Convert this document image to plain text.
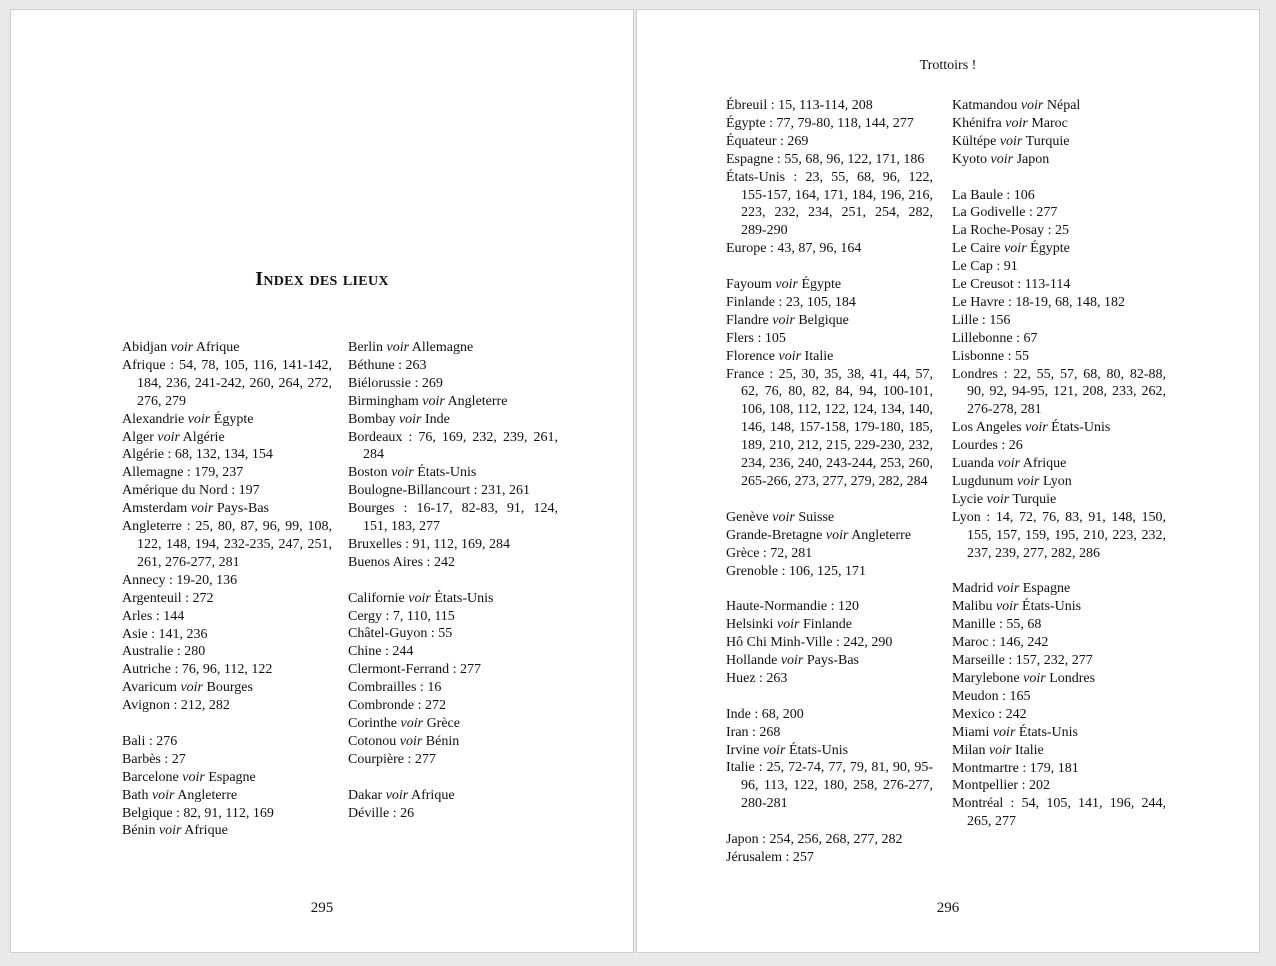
Index des lieux
Abidjan voir Afrique
Afrique : 54, 78, 105, 116, 141-142, 184, 236, 241-242, 260, 264, 272, 276, 279
Alexandrie voir Égypte
Alger voir Algérie
Algérie : 68, 132, 134, 154
Allemagne : 179, 237
Amérique du Nord : 197
Amsterdam voir Pays-Bas
Angleterre : 25, 80, 87, 96, 99, 108, 122, 148, 194, 232-235, 247, 251, 261, 276-277, 281
Annecy : 19-20, 136
Argenteuil : 272
Arles : 144
Asie : 141, 236
Australie : 280
Autriche : 76, 96, 112, 122
Avaricum voir Bourges
Avignon : 212, 282
Bali : 276
Barbès : 27
Barcelone voir Espagne
Bath voir Angleterre
Belgique : 82, 91, 112, 169
Bénin voir Afrique
Berlin voir Allemagne
Béthune : 263
Biélorussie : 269
Birmingham voir Angleterre
Bombay voir Inde
Bordeaux : 76, 169, 232, 239, 261, 284
Boston voir États-Unis
Boulogne-Billancourt : 231, 261
Bourges : 16-17, 82-83, 91, 124, 151, 183, 277
Bruxelles : 91, 112, 169, 284
Buenos Aires : 242
Californie voir États-Unis
Cergy : 7, 110, 115
Châtel-Guyon : 55
Chine : 244
Clermont-Ferrand : 277
Combrailles : 16
Combronde : 272
Corinthe voir Grèce
Cotonou voir Bénin
Courpière : 277
Dakar voir Afrique
Déville : 26
295
Trottoirs !
Ébreuil : 15, 113-114, 208
Égypte : 77, 79-80, 118, 144, 277
Équateur : 269
Espagne : 55, 68, 96, 122, 171, 186
États-Unis : 23, 55, 68, 96, 122, 155-157, 164, 171, 184, 196, 216, 223, 232, 234, 251, 254, 282, 289-290
Europe : 43, 87, 96, 164
Fayoum voir Égypte
Finlande : 23, 105, 184
Flandre voir Belgique
Flers : 105
Florence voir Italie
France : 25, 30, 35, 38, 41, 44, 57, 62, 76, 80, 82, 84, 94, 100-101, 106, 108, 112, 122, 124, 134, 140, 146, 148, 157-158, 179-180, 185, 189, 210, 212, 215, 229-230, 232, 234, 236, 240, 243-244, 253, 260, 265-266, 273, 277, 279, 282, 284
Genève voir Suisse
Grande-Bretagne voir Angleterre
Grèce : 72, 281
Grenoble : 106, 125, 171
Haute-Normandie : 120
Helsinki voir Finlande
Hô Chi Minh-Ville : 242, 290
Hollande voir Pays-Bas
Huez : 263
Inde : 68, 200
Iran : 268
Irvine voir États-Unis
Italie : 25, 72-74, 77, 79, 81, 90, 95-96, 113, 122, 180, 258, 276-277, 280-281
Japon : 254, 256, 268, 277, 282
Jérusalem : 257
Katmandou voir Népal
Khénifra voir Maroc
Kültépe voir Turquie
Kyoto voir Japon
La Baule : 106
La Godivelle : 277
La Roche-Posay : 25
Le Caire voir Égypte
Le Cap : 91
Le Creusot : 113-114
Le Havre : 18-19, 68, 148, 182
Lille : 156
Lillebonne : 67
Lisbonne : 55
Londres : 22, 55, 57, 68, 80, 82-88, 90, 92, 94-95, 121, 208, 233, 262, 276-278, 281
Los Angeles voir États-Unis
Lourdes : 26
Luanda voir Afrique
Lugdunum voir Lyon
Lycie voir Turquie
Lyon : 14, 72, 76, 83, 91, 148, 150, 155, 157, 159, 195, 210, 223, 232, 237, 239, 277, 282, 286
Madrid voir Espagne
Malibu voir États-Unis
Manille : 55, 68
Maroc : 146, 242
Marseille : 157, 232, 277
Marylebone voir Londres
Meudon : 165
Mexico : 242
Miami voir États-Unis
Milan voir Italie
Montmartre : 179, 181
Montpellier : 202
Montréal : 54, 105, 141, 196, 244, 265, 277
296
